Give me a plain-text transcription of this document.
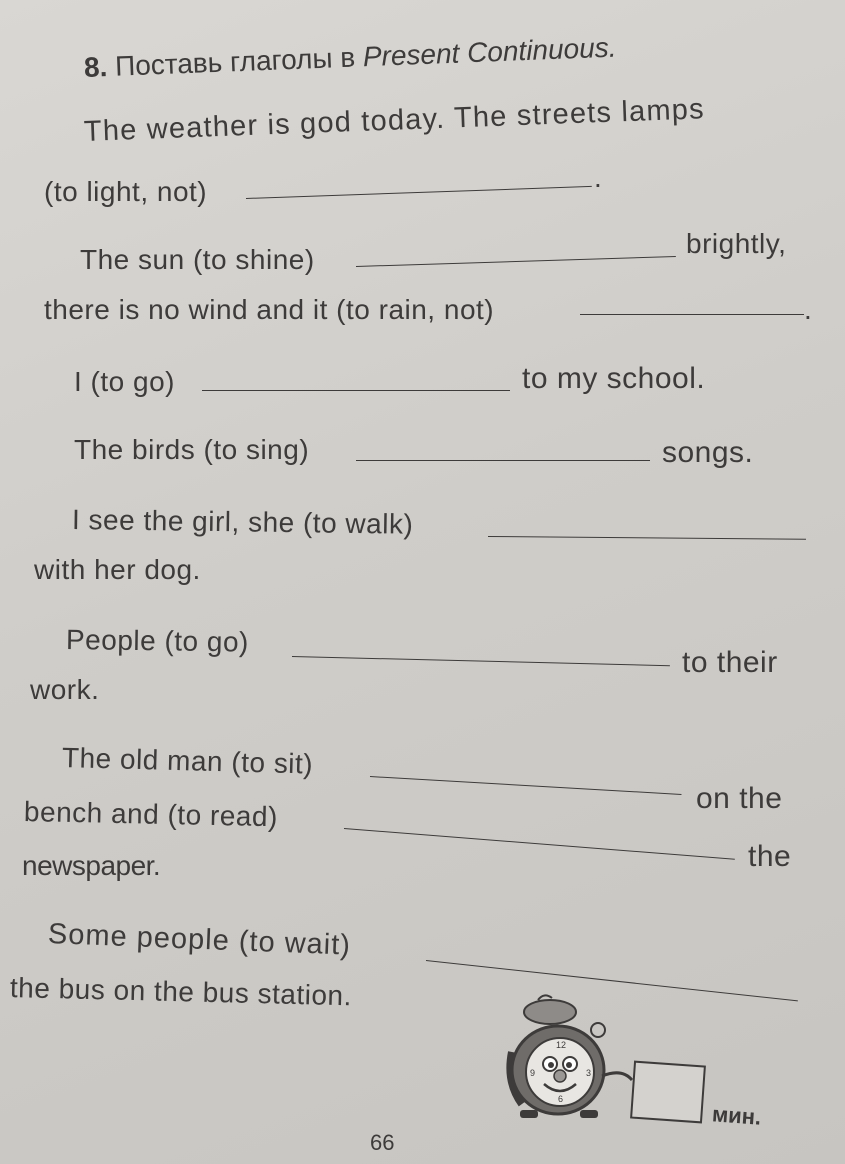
8. Поставь глаголы в Present Continuous.
The weather is god today. The streets lamps
(to light, not)	.
The sun (to shine)
brightly,
there is no wind and it (to rain, not)	.
I (to go)	to my school.
The birds (to sing)	songs.
I see the girl, she (to walk)
with her dog.
People (to go)
to their
work.
The old man (to sit)
on the
bench and (to read)
the
newspaper.
Some people (to wait)
the bus on the bus station.
12
3
6
9
мин.
66
